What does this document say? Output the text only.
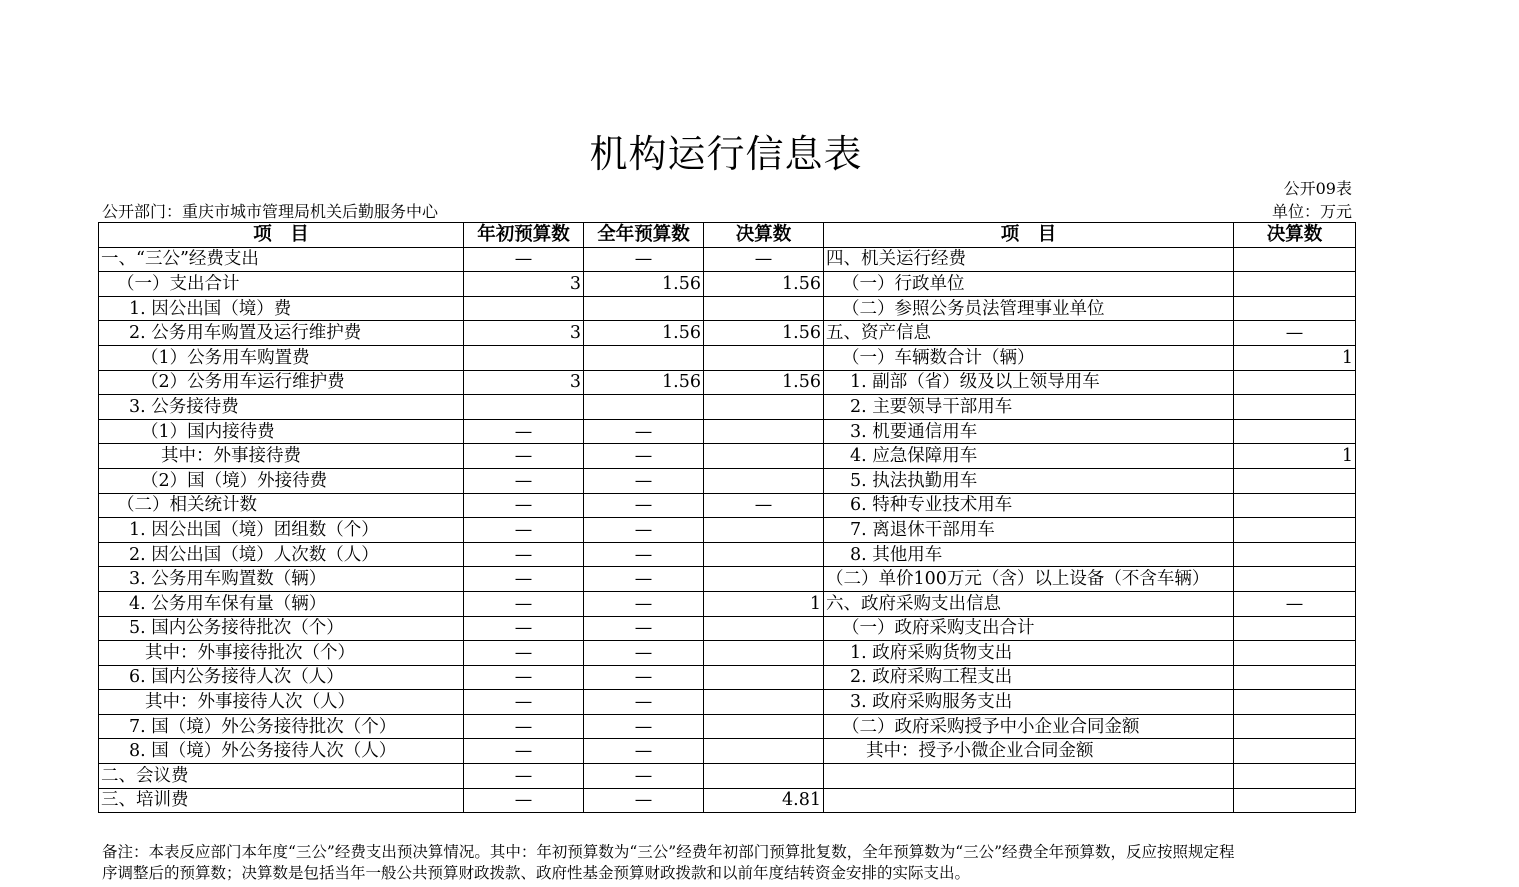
机构运行信息表
公开09表
公开部门：重庆市城市管理局机关后勤服务中心	单位：万元
项　目	年初预算数	全年预算数	决算数	项　目	决算数
一、“三公”经费支出	—	—	—	四、机关运行经费	
（一）支出合计	3	1.56	1.56	（一）行政单位	
1. 因公出国（境）费				（二）参照公务员法管理事业单位	
2. 公务用车购置及运行维护费	3	1.56	1.56	五、资产信息	—
（1）公务用车购置费				（一）车辆数合计（辆）	1
（2）公务用车运行维护费	3	1.56	1.56	1. 副部（省）级及以上领导用车	
3. 公务接待费				2. 主要领导干部用车	
（1）国内接待费	—	—		3. 机要通信用车	
其中：外事接待费	—	—		4. 应急保障用车	1
（2）国（境）外接待费	—	—		5. 执法执勤用车	
（二）相关统计数	—	—	—	6. 特种专业技术用车	
1. 因公出国（境）团组数（个）	—	—		7. 离退休干部用车	
2. 因公出国（境）人次数（人）	—	—		8. 其他用车	
3. 公务用车购置数（辆）	—	—		（二）单价100万元（含）以上设备（不含车辆）	
4. 公务用车保有量（辆）	—	—	1	六、政府采购支出信息	—
5. 国内公务接待批次（个）	—	—		（一）政府采购支出合计	
其中：外事接待批次（个）	—	—		1. 政府采购货物支出	
6. 国内公务接待人次（人）	—	—		2. 政府采购工程支出	
其中：外事接待人次（人）	—	—		3. 政府采购服务支出	
7. 国（境）外公务接待批次（个）	—	—		（二）政府采购授予中小企业合同金额	
8. 国（境）外公务接待人次（人）	—	—		其中：授予小微企业合同金额	
二、会议费	—	—			
三、培训费	—	—	4.81		
备注：本表反应部门本年度“三公”经费支出预决算情况。其中：年初预算数为“三公”经费年初部门预算批复数，全年预算数为“三公”经费全年预算数，反应按照规定程
序调整后的预算数；决算数是包括当年一般公共预算财政拨款、政府性基金预算财政拨款和以前年度结转资金安排的实际支出。
